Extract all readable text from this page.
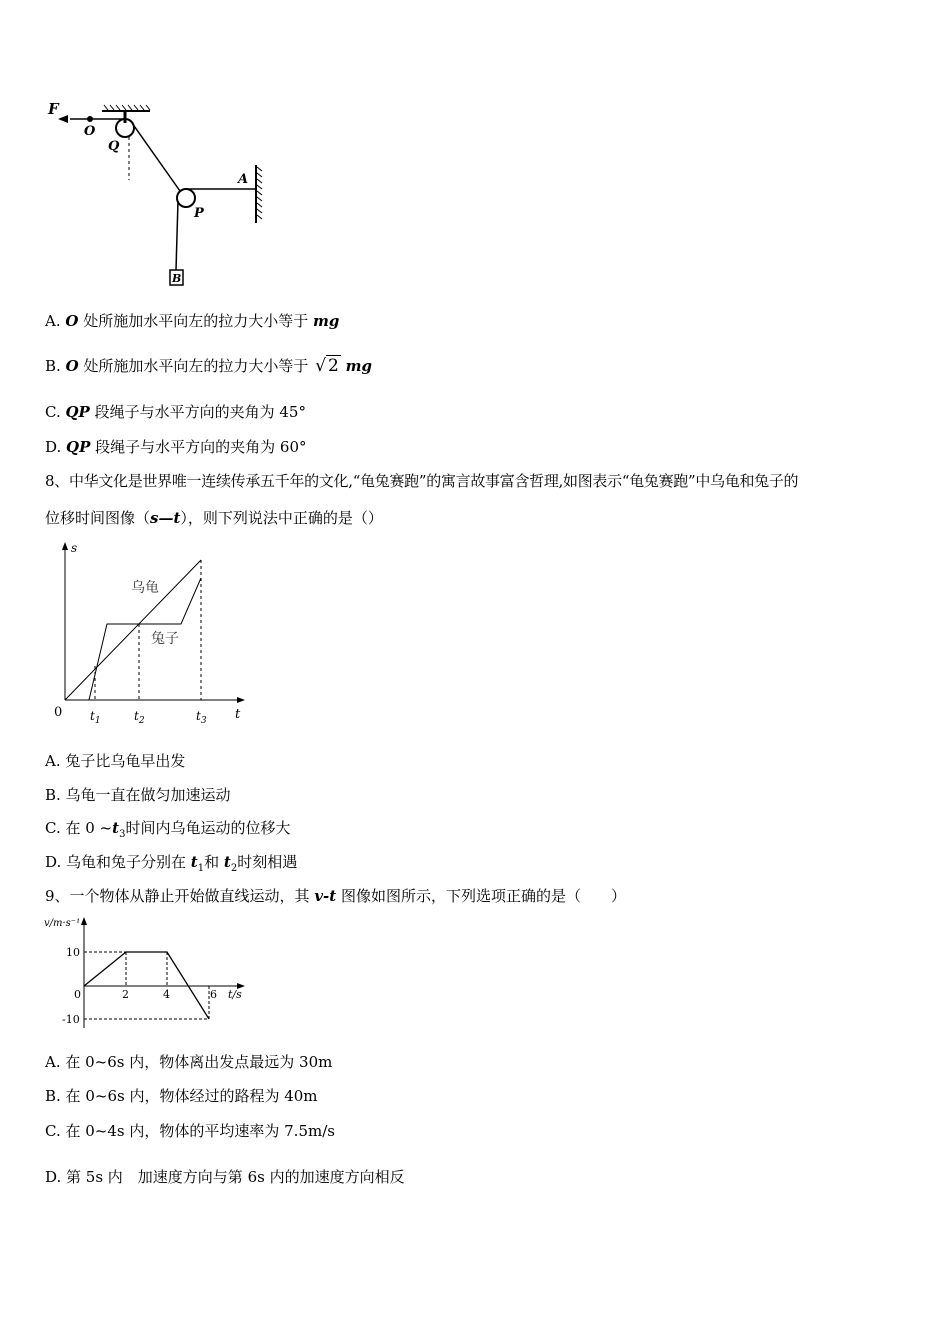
F
O
Q
A
P
B
A. O 处所施加水平向左的拉力大小等于 mg
B. O 处所施加水平向左的拉力大小等于 √ 2 mg
C. QP 段绳子与水平方向的夹角为 45°
D. QP 段绳子与水平方向的夹角为 60°
8、中华文化是世界唯一连续传承五千年的文化,“龟兔赛跑”的寓言故事富含哲理,如图表示“龟兔赛跑”中乌龟和兔子的
位移时间图像（s—t），则下列说法中正确的是（）
s
t
0
乌龟
兔子
$t_1$	$t_2$	$t_3$
A. 兔子比乌龟早出发
B. 乌龟一直在做匀加速运动
C. 在 0 $\sim t_3$时间内乌龟运动的位移大
D. 乌龟和兔子分别在 $t_1$和 $t_2$时刻相遇
9、一个物体从静止开始做直线运动，其 v-t 图像如图所示，下列选项正确的是（　　）
v/m·s⁻¹
10
-10
0	2	4	6 t/s
A. 在 0~6s 内，物体离出发点最远为 30m
B. 在 0~6s 内，物体经过的路程为 40m
C. 在 0~4s 内，物体的平均速率为 7.5m/s
D. 第 5s 内　加速度方向与第 6s 内的加速度方向相反
